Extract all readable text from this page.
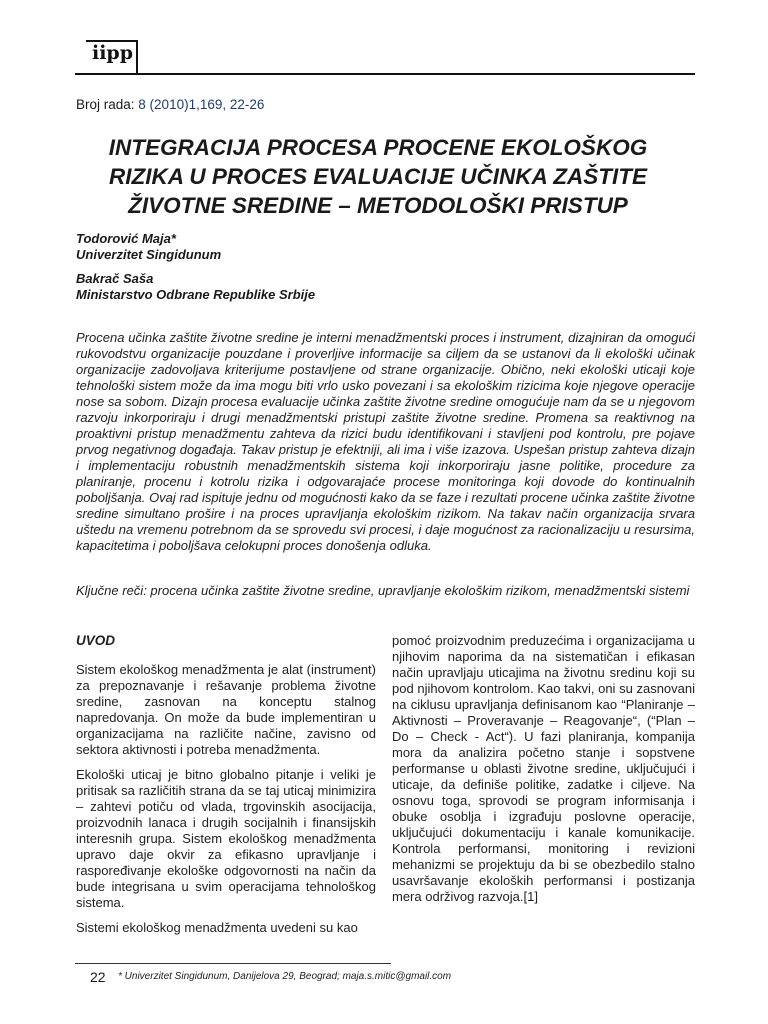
iipp
Broj rada: 8 (2010)1,169, 22-26
INTEGRACIJA PROCESA PROCENE EKOLOŠKOG
RIZIKA U PROCES EVALUACIJE UČINKA ZAŠTITE
ŽIVOTNE SREDINE – METODOLOŠKI PRISTUP
Todorović Maja*
Univerzitet Singidunum
Bakrač Saša
Ministarstvo Odbrane Republike Srbije
Procena učinka zaštite životne sredine je interni menadžmentski proces i instrument, dizajniran da omogući rukovodstvu organizacije pouzdane i proverljive informacije sa ciljem da se ustanovi da li ekološki učinak organizacije zadovoljava kriterijume postavljene od strane organizacije. Obično, neki ekološki uticaji koje tehnološki sistem može da ima mogu biti vrlo usko povezani i sa ekološkim rizicima koje njegove operacije nose sa sobom. Dizajn procesa evaluacije učinka zaštite životne sredine omogućuje nam da se u njegovom razvoju inkorporiraju i drugi menadžmentski pristupi zaštite životne sredine. Promena sa reaktivnog na proaktivni pristup menadžmentu zahteva da rizici budu identifikovani i stavljeni pod kontrolu, pre pojave prvog negativnog događaja. Takav pristup je efektniji, ali ima i više izazova. Uspešan pristup zahteva dizajn i implementaciju robustnih menadžmentskih sistema koji inkorporiraju jasne politike, procedure za planiranje, procenu i kotrolu rizika i odgovarajaće procese monitoringa koji dovode do kontinualnih poboljšanja. Ovaj rad ispituje jednu od mogućnosti kako da se faze i rezultati procene učinka zaštite životne sredine simultano proširе i na proces upravljanja ekološkim rizikom. Na takav način organizacija srvara uštedu na vremenu potrebnom da se sprovedu svi procesi, i daje mogućnost za racionalizaciju u resursima, kapacitetima i poboljšava celokupni proces donošenja odluka.
Ključne reči: procena učinka zaštite životne sredine, upravljanje ekološkim rizikom, menadžmentski sistemi
UVOD

Sistem ekološkog menadžmenta je alat (instrument) za prepoznavanje i rešavanje problema životne sredine, zasnovan na konceptu stalnog napredovanja. On može da bude implementiran u organizacijama na različite načine, zavisno od sektora aktivnosti i potreba menadžmenta.

Ekološki uticaj je bitno globalno pitanje i veliki je pritisak sa različitih strana da se taj uticaj minimizira – zahtevi potiču od vlada, trgovinskih asocijacija, proizvodnih lanaca i drugih socijalnih i finansijskih interesnih grupa. Sistem ekološkog menadžmenta upravo daje okvir za efikasno upravljanje i raspoređivanje ekološke odgovornosti na način da bude integrisana u svim operacijama tehnološkog sistema.

Sistemi ekološkog menadžmenta uvedeni su kao

pomoć proizvodnim preduzećima i organizacijama u njihovim naporima da na sistematičan i efikasan način upravljaju uticajima na životnu sredinu koji su pod njihovom kontrolom. Kao takvi, oni su zasnovani na ciklusu upravljanja definisanom kao “Planiranje – Aktivnosti – Proveravanje – Reagovanje“, (“Plan – Do – Check - Act“). U fazi planiranja, kompanija mora da analizira početno stanje i sopstvene performanse u oblasti životne sredine, uključujući i uticaje, da definiše politike, zadatke i ciljeve. Na osnovu toga, sprovodi se program informisanja i obuke osoblja i izgrađuju poslovne operacije, uključujući dokumentaciju i kanale komunikacije. Kontrola performansi, monitoring i revizioni mehanizmi se projektuju da bi se obezbedilo stalno usavršavanje ekoloških performansi i postizanja mera održivog razvoja.[1]

22 * Univerzitet Singidunum, Danijelova 29, Beograd; maja.s.mitic@gmail.com
